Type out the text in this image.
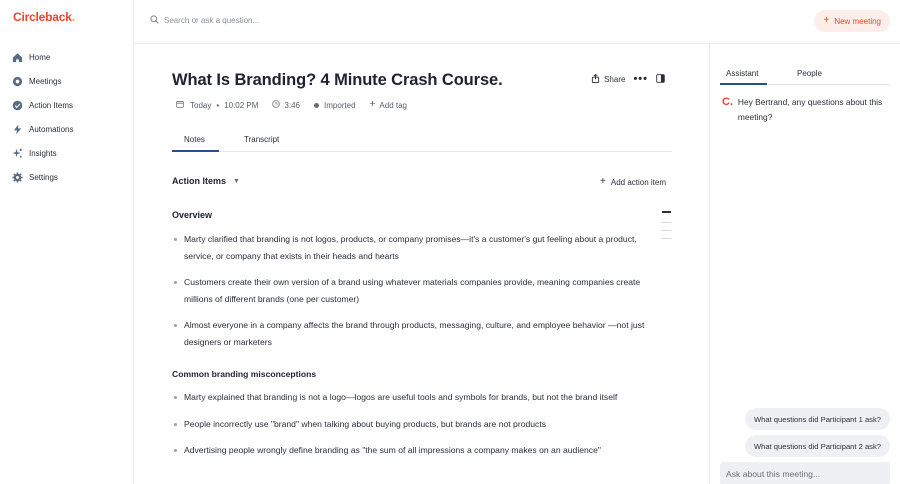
Circleback.
Home
Meetings
Action Items
Automations
Insights
Settings
Search or ask a question...	+ New meeting
What Is Branding? 4 Minute Crash Course.	Share •••
Today • 10:02 PM	3:46	Imported + Add tag
Notes	Transcript
Action Items ▼	+ Add action item
Overview
Marty clarified that branding is not logos, products, or company promises—it's a customer's gut feeling about a product, service, or company that exists in their heads and hearts
Customers create their own version of a brand using whatever materials companies provide, meaning companies create millions of different brands (one per customer)
Almost everyone in a company affects the brand through products, messaging, culture, and employee behavior —not just designers or marketers
Common branding misconceptions
Marty explained that branding is not a logo—logos are useful tools and symbols for brands, but not the brand itself
People incorrectly use "brand" when talking about buying products, but brands are not products
Advertising people wrongly define branding as "the sum of all impressions a company makes on an audience"
Assistant	People
C. Hey Bertrand, any questions about this meeting?
What questions did Participant 1 ask?
What questions did Participant 2 ask?
Ask about this meeting...
